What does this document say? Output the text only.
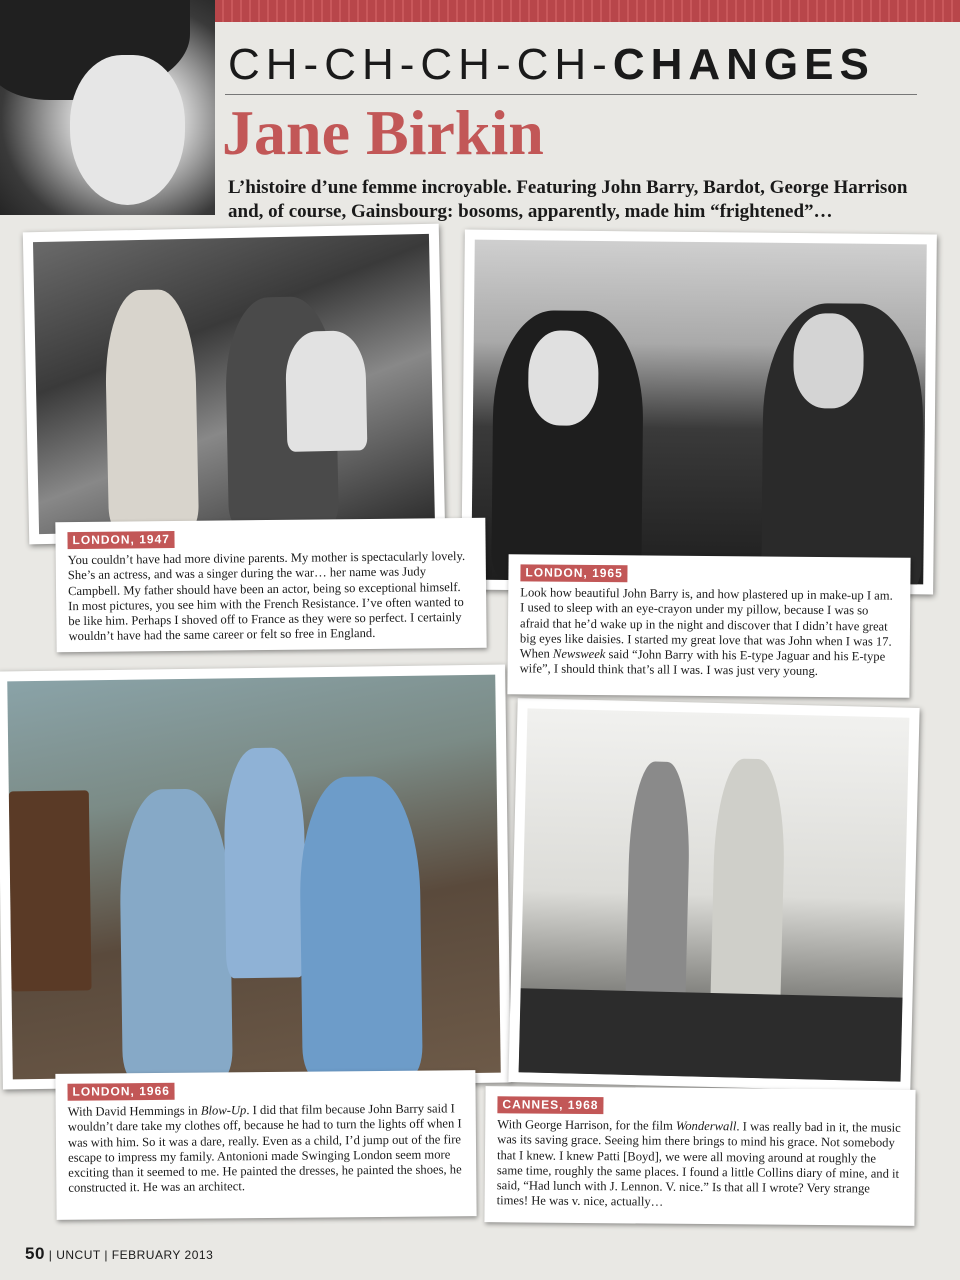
CH-CH-CH-CH-CHANGES
Jane Birkin
L’histoire d’une femme incroyable. Featuring John Barry, Bardot, George Harrison and, of course, Gainsbourg: bosoms, apparently, made him “frightened”…
LONDON, 1947

You couldn’t have had more divine parents. My mother is spectacularly lovely. She’s an actress, and was a singer during the war… her name was Judy Campbell. My father should have been an actor, being so exceptional himself. In most pictures, you see him with the French Resistance. I’ve often wanted to be like him. Perhaps I shoved off to France as they were so perfect. I certainly wouldn’t have had the same career or felt so free in England.

LONDON, 1965

Look how beautiful John Barry is, and how plastered up in make-up I am. I used to sleep with an eye-crayon under my pillow, because I was so afraid that he’d wake up in the night and discover that I didn’t have great big eyes like daisies. I started my great love that was John when I was 17. When Newsweek said “John Barry with his E-type Jaguar and his E-type wife”, I should think that’s all I was. I was just very young.

LONDON, 1966

With David Hemmings in Blow-Up. I did that film because John Barry said I wouldn’t dare take my clothes off, because he had to turn the lights off when I was with him. So it was a dare, really. Even as a child, I’d jump out of the fire escape to impress my family. Antonioni made Swinging London seem more exciting than it seemed to me. He painted the dresses, he painted the shoes, he constructed it. He was an architect.

CANNES, 1968

With George Harrison, for the film Wonderwall. I was really bad in it, the music was its saving grace. Seeing him there brings to mind his grace. Not somebody that I knew. I knew Patti [Boyd], we were all moving around at roughly the same time, roughly the same places. I found a little Collins diary of mine, and it said, “Had lunch with J. Lennon. V. nice.” Is that all I wrote? Very strange times! He was v. nice, actually…

50 | UNCUT | FEBRUARY 2013
